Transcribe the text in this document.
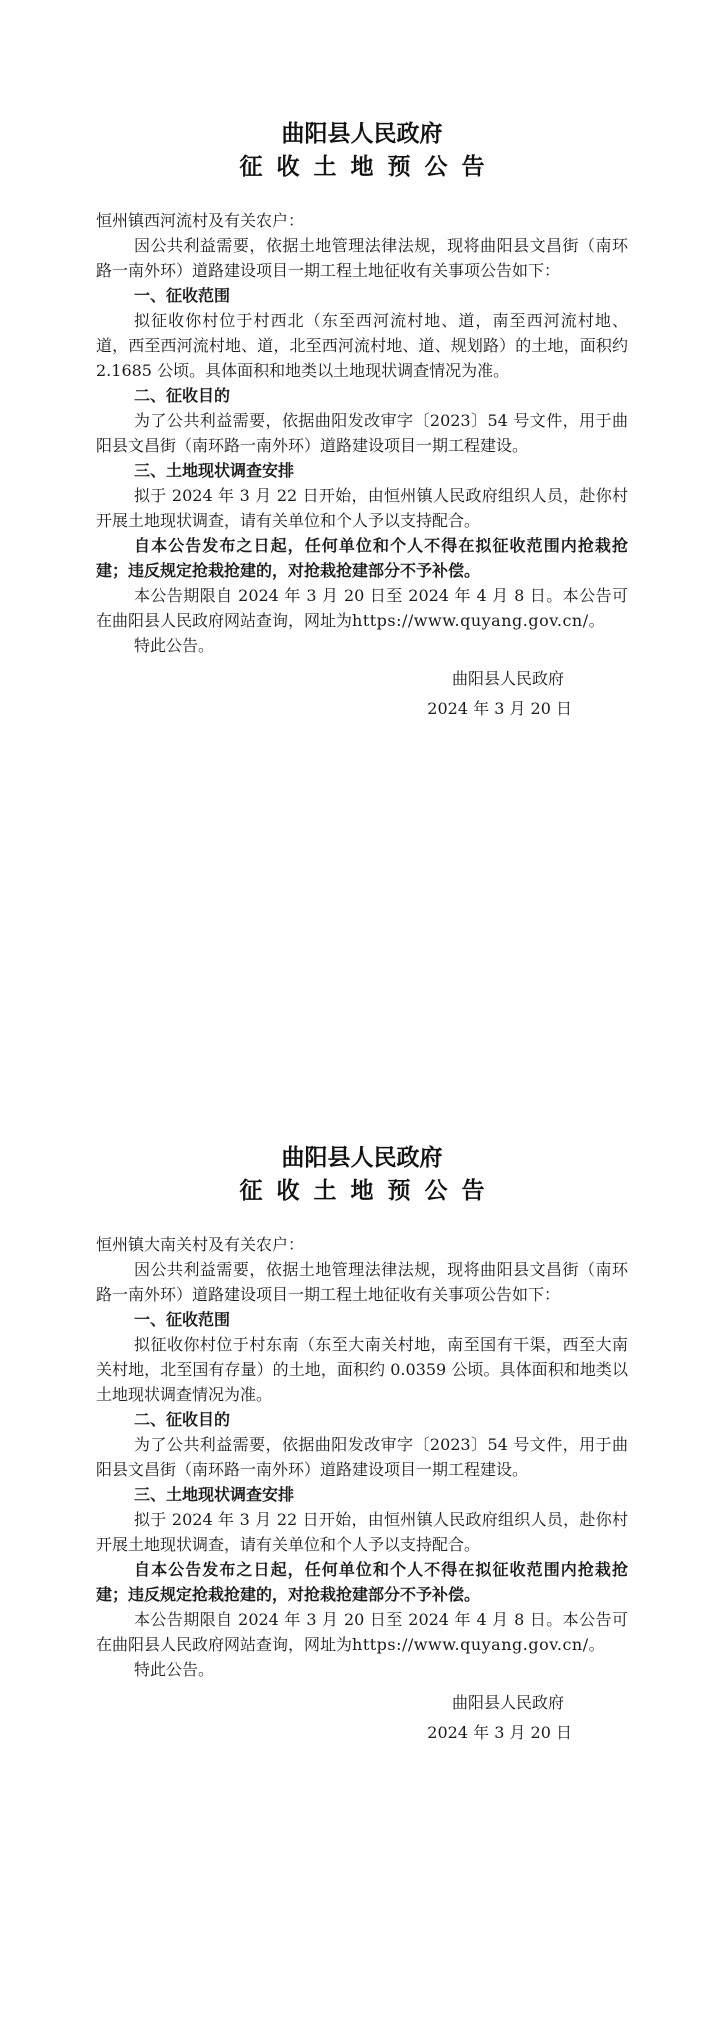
曲阳县人民政府
征收土地预公告

恒州镇西河流村及有关农户：

因公共利益需要，依据土地管理法律法规，现将曲阳县文昌街（南环路一南外环）道路建设项目一期工程土地征收有关事项公告如下：

一、征收范围

拟征收你村位于村西北（东至西河流村地、道，南至西河流村地、道，西至西河流村地、道，北至西河流村地、道、规划路）的土地，面积约 2.1685 公顷。具体面积和地类以土地现状调查情况为准。

二、征收目的

为了公共利益需要，依据曲阳发改审字〔2023〕54 号文件，用于曲阳县文昌街（南环路一南外环）道路建设项目一期工程建设。

三、土地现状调查安排

拟于 2024 年 3 月 22 日开始，由恒州镇人民政府组织人员，赴你村开展土地现状调查，请有关单位和个人予以支持配合。

自本公告发布之日起，任何单位和个人不得在拟征收范围内抢栽抢建；违反规定抢栽抢建的，对抢栽抢建部分不予补偿。

本公告期限自 2024 年 3 月 20 日至 2024 年 4 月 8 日。本公告可在曲阳县人民政府网站查询，网址为https://www.quyang.gov.cn/。

特此公告。

曲阳县人民政府

2024 年 3 月 20 日

曲阳县人民政府
征收土地预公告

恒州镇大南关村及有关农户：

因公共利益需要，依据土地管理法律法规，现将曲阳县文昌街（南环路一南外环）道路建设项目一期工程土地征收有关事项公告如下：

一、征收范围

拟征收你村位于村东南（东至大南关村地，南至国有干渠，西至大南关村地，北至国有存量）的土地，面积约 0.0359 公顷。具体面积和地类以土地现状调查情况为准。

二、征收目的

为了公共利益需要，依据曲阳发改审字〔2023〕54 号文件，用于曲阳县文昌街（南环路一南外环）道路建设项目一期工程建设。

三、土地现状调查安排

拟于 2024 年 3 月 22 日开始，由恒州镇人民政府组织人员，赴你村开展土地现状调查，请有关单位和个人予以支持配合。

自本公告发布之日起，任何单位和个人不得在拟征收范围内抢栽抢建；违反规定抢栽抢建的，对抢栽抢建部分不予补偿。

本公告期限自 2024 年 3 月 20 日至 2024 年 4 月 8 日。本公告可在曲阳县人民政府网站查询，网址为https://www.quyang.gov.cn/。

特此公告。

曲阳县人民政府

2024 年 3 月 20 日
